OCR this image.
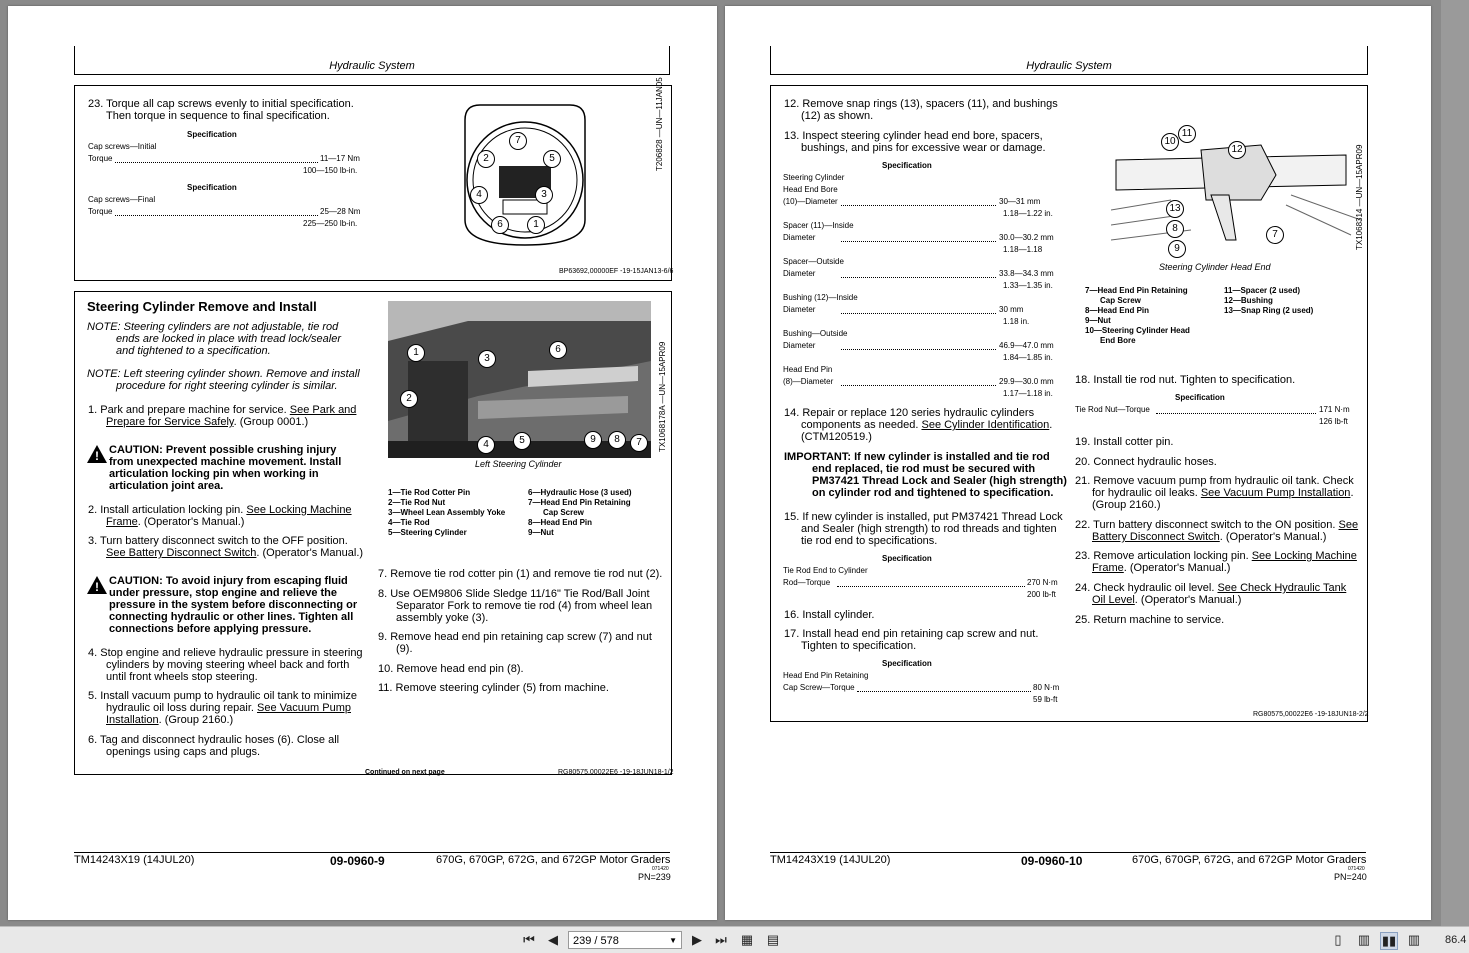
Hydraulic System
23. Torque all cap screws evenly to initial specification.
Then torque in sequence to final specification.
Specification
Cap screws—Initial
Torque	11—17 Nm
100—150 lb-in.
Specification
Cap screws—Final
Torque	25—28 Nm
225—250 lb-in.
7
2	5
4	3
6	1
T206828 —UN—11JAN05
BP63692,00000EF -19-15JAN13-6/6
Steering Cylinder Remove and Install
NOTE: Steering cylinders are not adjustable, tie rod
ends are locked in place with tread lock/sealer
and tightened to a specification.
NOTE: Left steering cylinder shown. Remove and install
procedure for right steering cylinder is similar.
1. Park and prepare machine for service. See Park and
Prepare for Service Safely. (Group 0001.)
! CAUTION: Prevent possible crushing injury
from unexpected machine movement. Install
articulation locking pin when working in
articulation joint area.
2. Install articulation locking pin. See Locking Machine
Frame. (Operator's Manual.)
3. Turn battery disconnect switch to the OFF position.
See Battery Disconnect Switch. (Operator's Manual.)
! CAUTION: To avoid injury from escaping fluid
under pressure, stop engine and relieve the
pressure in the system before disconnecting or
connecting hydraulic or other lines. Tighten all
connections before applying pressure.
4. Stop engine and relieve hydraulic pressure in steering
cylinders by moving steering wheel back and forth
until front wheels stop steering.
5. Install vacuum pump to hydraulic oil tank to minimize
hydraulic oil loss during repair. See Vacuum Pump
Installation. (Group 2160.)
6. Tag and disconnect hydraulic hoses (6). Close all
openings using caps and plugs.
1
3
6
2
4	5	9	8	7	TX1068178A —UN—15APR09
Left Steering Cylinder
1—Tie Rod Cotter Pin
2—Tie Rod Nut
3—Wheel Lean Assembly Yoke
4—Tie Rod
5—Steering Cylinder
6—Hydraulic Hose (3 used)
7—Head End Pin Retaining
Cap Screw
8—Head End Pin
9—Nut
7. Remove tie rod cotter pin (1) and remove tie rod nut (2).
8. Use OEM9806 Slide Sledge 11/16" Tie Rod/Ball Joint
Separator Fork to remove tie rod (4) from wheel lean
assembly yoke (3).
9. Remove head end pin retaining cap screw (7) and nut
(9).
10. Remove head end pin (8).
11. Remove steering cylinder (5) from machine.
Continued on next page	RG80575,00022E6 -19-18JUN18-1/2
TM14243X19 (14JUL20)	09-0960-9	670G, 670GP, 672G, and 672GP Motor Graders
071420
PN=239
Hydraulic System
12. Remove snap rings (13), spacers (11), and bushings
(12) as shown.
13. Inspect steering cylinder head end bore, spacers,
bushings, and pins for excessive wear or damage.
Specification
Steering Cylinder
Head End Bore
(10)—Diameter	30—31 mm
1.18—1.22 in.
Spacer (11)—Inside
Diameter	30.0—30.2 mm
1.18—1.18
Spacer—Outside
Diameter	33.8—34.3 mm
1.33—1.35 in.
Bushing (12)—Inside
Diameter	30 mm
1.18 in.
Bushing—Outside
Diameter	46.9—47.0 mm
1.84—1.85 in.
Head End Pin
(8)—Diameter	29.9—30.0 mm
1.17—1.18 in.
14. Repair or replace 120 series hydraulic cylinders
components as needed. See Cylinder Identification.
(CTM120519.)
IMPORTANT: If new cylinder is installed and tie rod
end replaced, tie rod must be secured with
PM37421 Thread Lock and Sealer (high strength)
on cylinder rod and tightened to specification.
15. If new cylinder is installed, put PM37421 Thread Lock
and Sealer (high strength) to rod threads and tighten
tie rod end to specifications.
Specification
Tie Rod End to Cylinder
Rod—Torque	270 N·m
200 lb-ft
16. Install cylinder.
17. Install head end pin retaining cap screw and nut.
Tighten to specification.
Specification
Head End Pin Retaining
Cap Screw—Torque	80 N·m
59 lb-ft
10
11
12
13
8
9
7
Steering Cylinder Head End
TX1068314 —UN—15APR09
7—Head End Pin Retaining
Cap Screw
8—Head End Pin
9—Nut
10—Steering Cylinder Head
End Bore
11—Spacer (2 used)
12—Bushing
13—Snap Ring (2 used)
18. Install tie rod nut. Tighten to specification.
Specification
Tie Rod Nut—Torque	171 N·m
126 lb-ft
19. Install cotter pin.
20. Connect hydraulic hoses.
21. Remove vacuum pump from hydraulic oil tank. Check
for hydraulic oil leaks. See Vacuum Pump Installation.
(Group 2160.)
22. Turn battery disconnect switch to the ON position. See
Battery Disconnect Switch. (Operator's Manual.)
23. Remove articulation locking pin. See Locking Machine
Frame. (Operator's Manual.)
24. Check hydraulic oil level. See Check Hydraulic Tank
Oil Level. (Operator's Manual.)
25. Return machine to service.
RG80575,00022E6 -19-18JUN18-2/2
TM14243X19 (14JUL20)	09-0960-10	670G, 670GP, 672G, and 672GP Motor Graders
071420
PN=240
⏮ ◀	239 / 578	▼ ▶ ⏭ ▦ ▤	▯	▥ ▮▮ ▥ 86.4
